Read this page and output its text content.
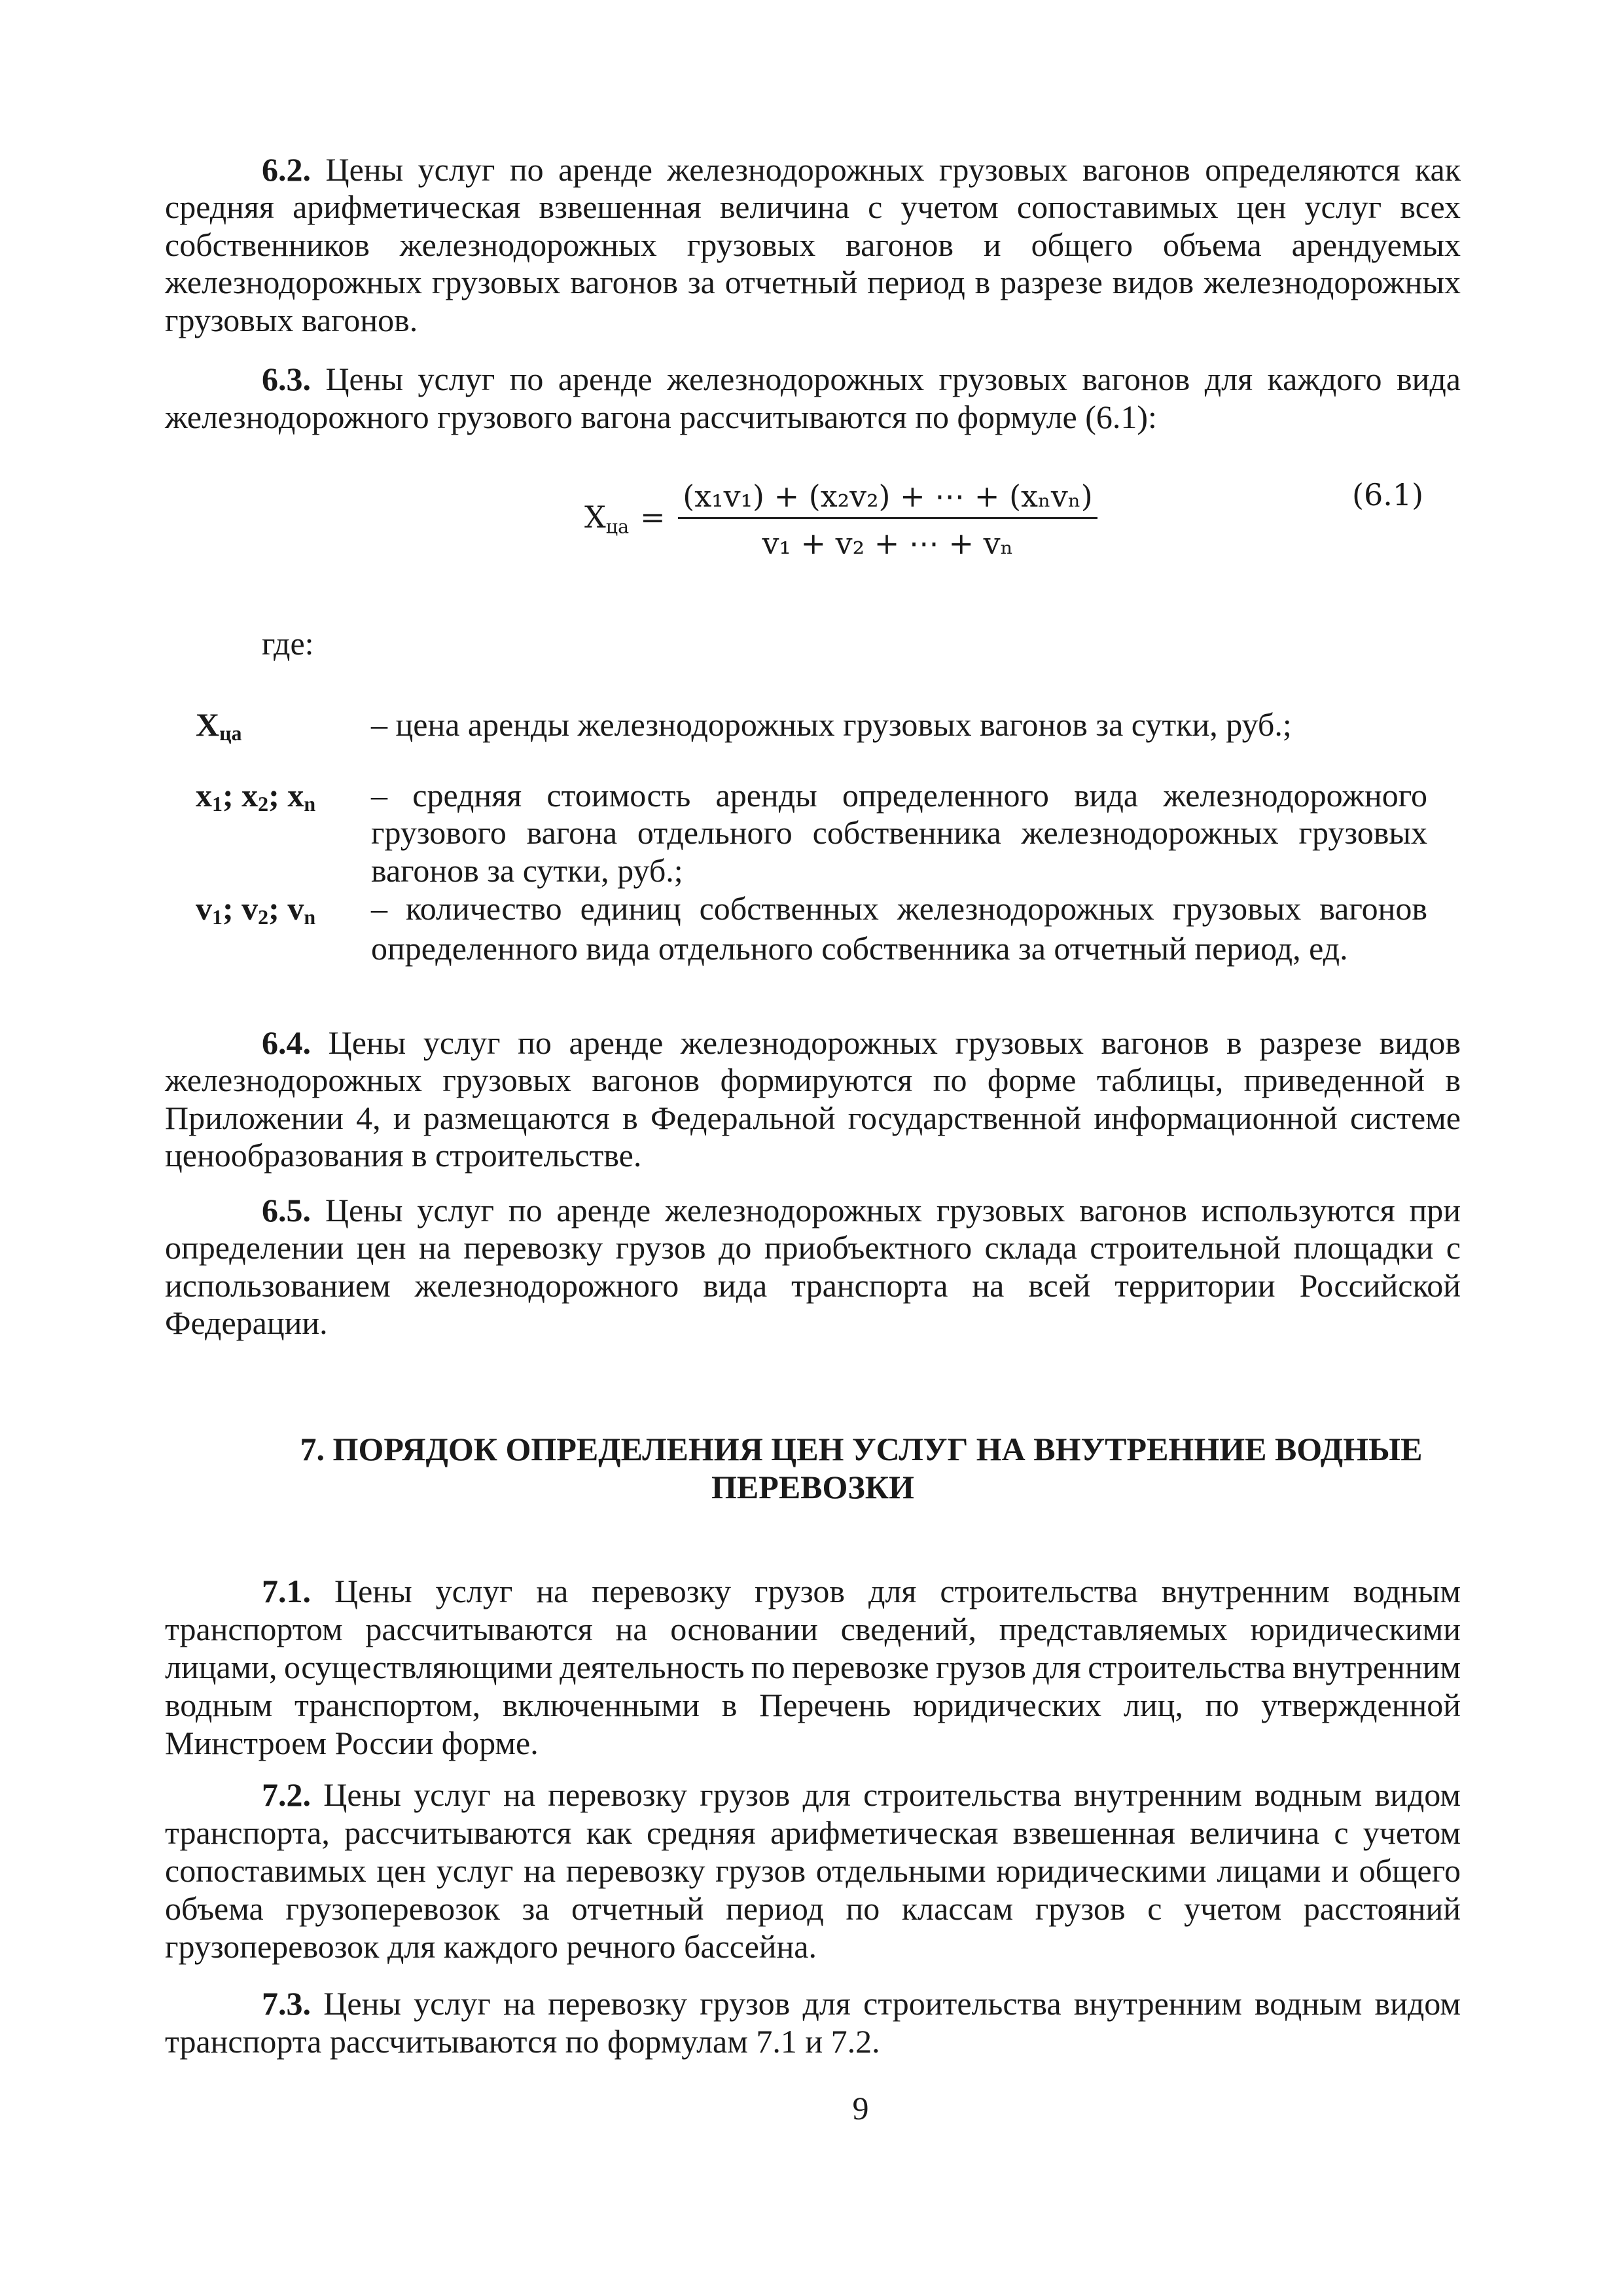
6.2. Цены услуг по аренде железнодорожных грузовых вагонов определяются как
средняя арифметическая взвешенная величина с учетом сопоставимых цен услуг всех
собственников железнодорожных грузовых вагонов и общего объема арендуемых
железнодорожных грузовых вагонов за отчетный период в разрезе видов железнодорожных
грузовых вагонов.
6.3. Цены услуг по аренде железнодорожных грузовых вагонов для каждого вида
железнодорожного грузового вагона рассчитываются по формуле (6.1):
Хца =
(x₁v₁) + (x₂v₂) + ⋯ + (xₙvₙ)
v₁ + v₂ + ⋯ + vₙ
(6.1)
где:
Хца	– цена аренды железнодорожных грузовых вагонов за сутки, руб.;
x1; x2; xn	– средняя стоимость аренды определенного вида железнодорожного
грузового вагона отдельного собственника железнодорожных грузовых
вагонов за сутки, руб.;
v1; v2; vn	– количество единиц собственных железнодорожных грузовых вагонов
определенного вида отдельного собственника за отчетный период, ед.
6.4. Цены услуг по аренде железнодорожных грузовых вагонов в разрезе видов
железнодорожных грузовых вагонов формируются по форме таблицы, приведенной в
Приложении 4, и размещаются в Федеральной государственной информационной системе
ценообразования в строительстве.
6.5. Цены услуг по аренде железнодорожных грузовых вагонов используются при
определении цен на перевозку грузов до приобъектного склада строительной площадки с
использованием железнодорожного вида транспорта на всей территории Российской
Федерации.
7. ПОРЯДОК ОПРЕДЕЛЕНИЯ ЦЕН УСЛУГ НА ВНУТРЕННИЕ ВОДНЫЕ
ПЕРЕВОЗКИ
7.1. Цены услуг на перевозку грузов для строительства внутренним водным
транспортом рассчитываются на основании сведений, представляемых юридическими
лицами, осуществляющими деятельность по перевозке грузов для строительства внутренним
водным транспортом, включенными в Перечень юридических лиц, по утвержденной
Минстроем России форме.
7.2. Цены услуг на перевозку грузов для строительства внутренним водным видом
транспорта, рассчитываются как средняя арифметическая взвешенная величина с учетом
сопоставимых цен услуг на перевозку грузов отдельными юридическими лицами и общего
объема грузоперевозок за отчетный период по классам грузов с учетом расстояний
грузоперевозок для каждого речного бассейна.
7.3. Цены услуг на перевозку грузов для строительства внутренним водным видом
транспорта рассчитываются по формулам 7.1 и 7.2.
9
